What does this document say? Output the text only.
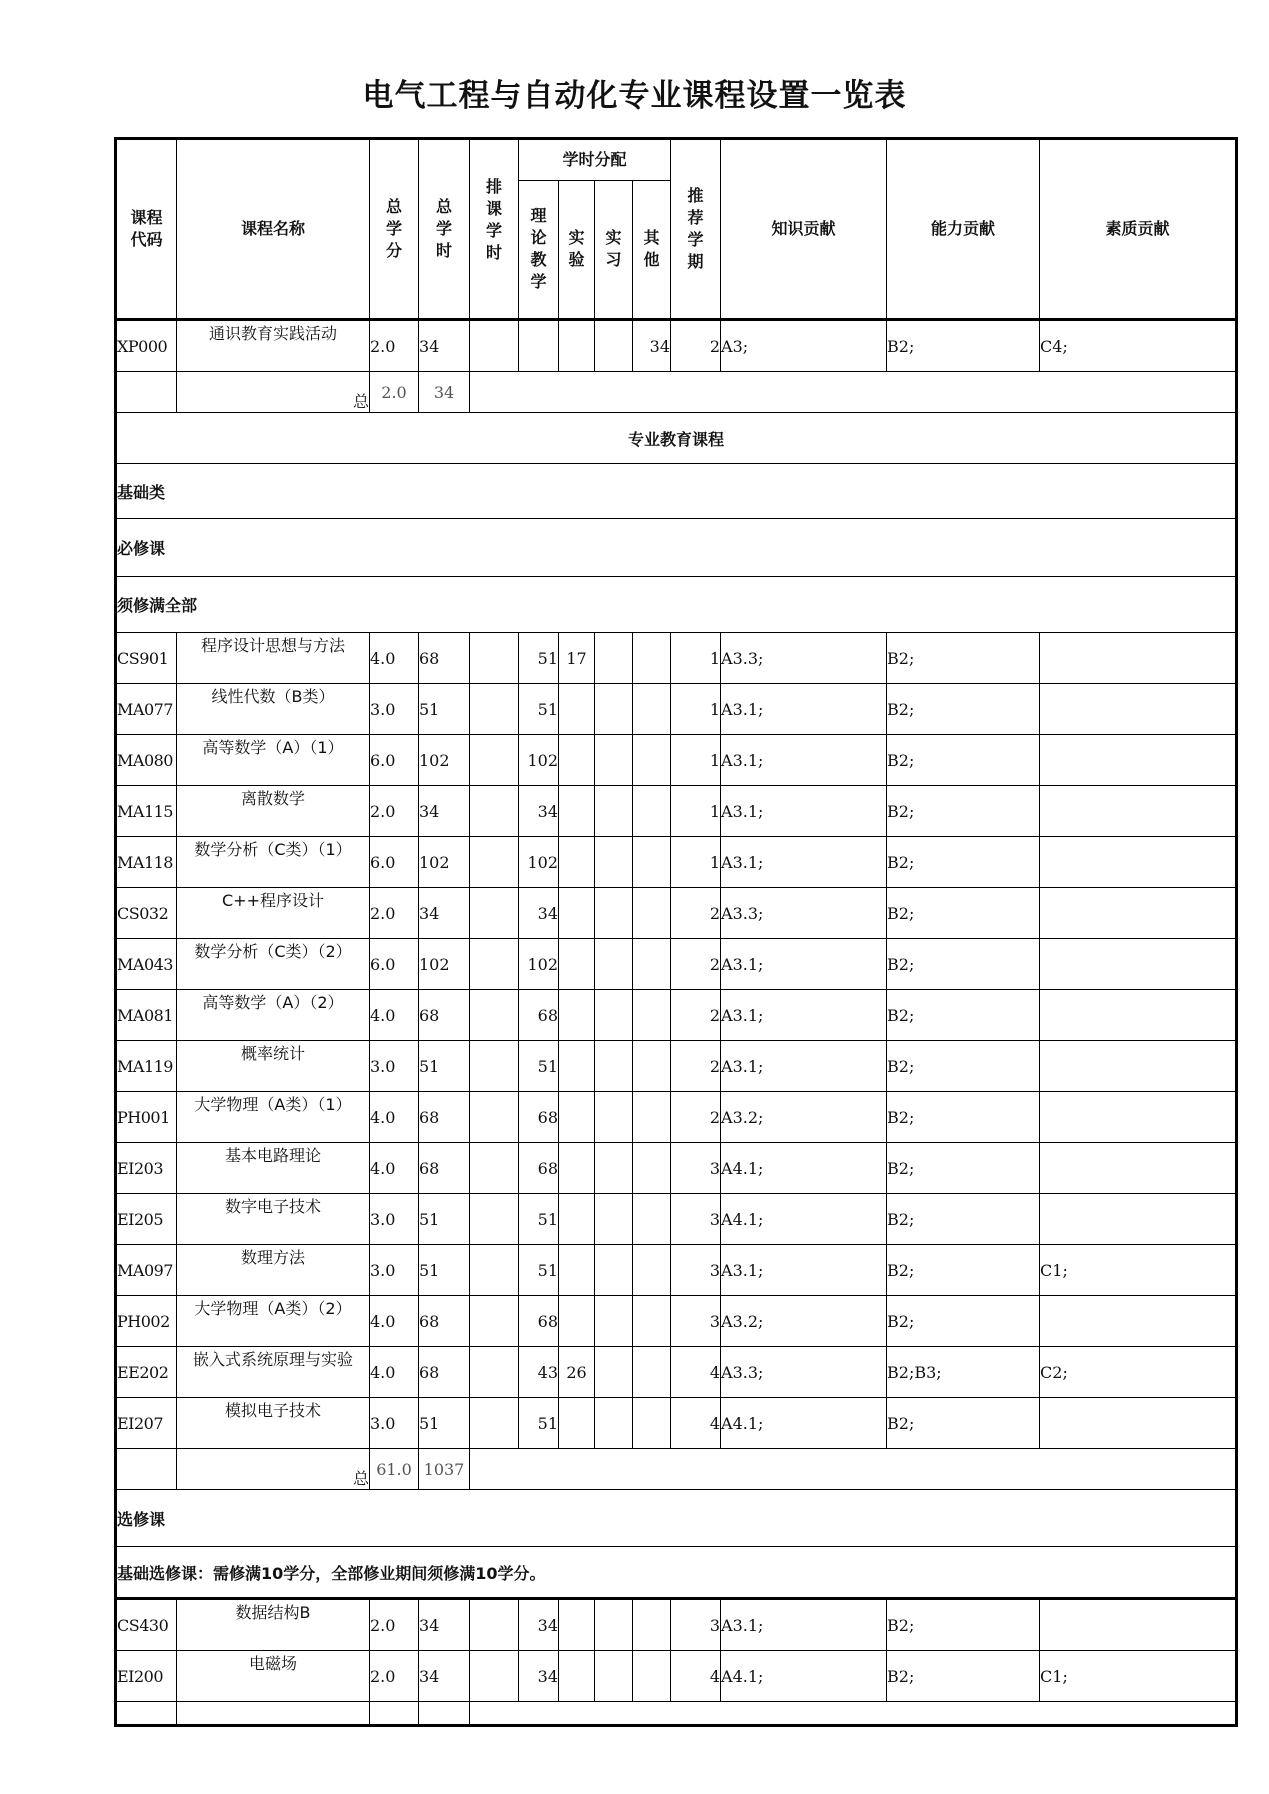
电气工程与自动化专业课程设置一览表
课程代码	课程名称	总学分	总学时	排课学时	学时分配				推荐学期	知识贡献	能力贡献	素质贡献
					理论教学	实验	实习	其他				
XP000	通识教育实践活动	2.0	34					34	2	A3;	B2;	C4;
	总	2.0	34									
专业教育课程												
基础类												
必修课												
须修满全部												
CS901	程序设计思想与方法	4.0	68		51	17			1	A3.3;	B2;	
MA077	线性代数（B类）	3.0	51		51				1	A3.1;	B2;	
MA080	高等数学（A）（1）	6.0	102		102				1	A3.1;	B2;	
MA115	离散数学	2.0	34		34				1	A3.1;	B2;	
MA118	数学分析（C类）（1）	6.0	102		102				1	A3.1;	B2;	
CS032	C++程序设计	2.0	34		34				2	A3.3;	B2;	
MA043	数学分析（C类）（2）	6.0	102		102				2	A3.1;	B2;	
MA081	高等数学（A）（2）	4.0	68		68				2	A3.1;	B2;	
MA119	概率统计	3.0	51		51				2	A3.1;	B2;	
PH001	大学物理（A类）（1）	4.0	68		68				2	A3.2;	B2;	
EI203	基本电路理论	4.0	68		68				3	A4.1;	B2;	
EI205	数字电子技术	3.0	51		51				3	A4.1;	B2;	
MA097	数理方法	3.0	51		51				3	A3.1;	B2;	C1;
PH002	大学物理（A类）（2）	4.0	68		68				3	A3.2;	B2;	
EE202	嵌入式系统原理与实验	4.0	68		43	26			4	A3.3;	B2;B3;	C2;
EI207	模拟电子技术	3.0	51		51				4	A4.1;	B2;	
	总	61.0	1037									
选修课												
基础选修课：需修满10学分，全部修业期间须修满10学分。												
CS430	数据结构B	2.0	34		34				3	A3.1;	B2;	
EI200	电磁场	2.0	34		34				4	A4.1;	B2;	C1;
